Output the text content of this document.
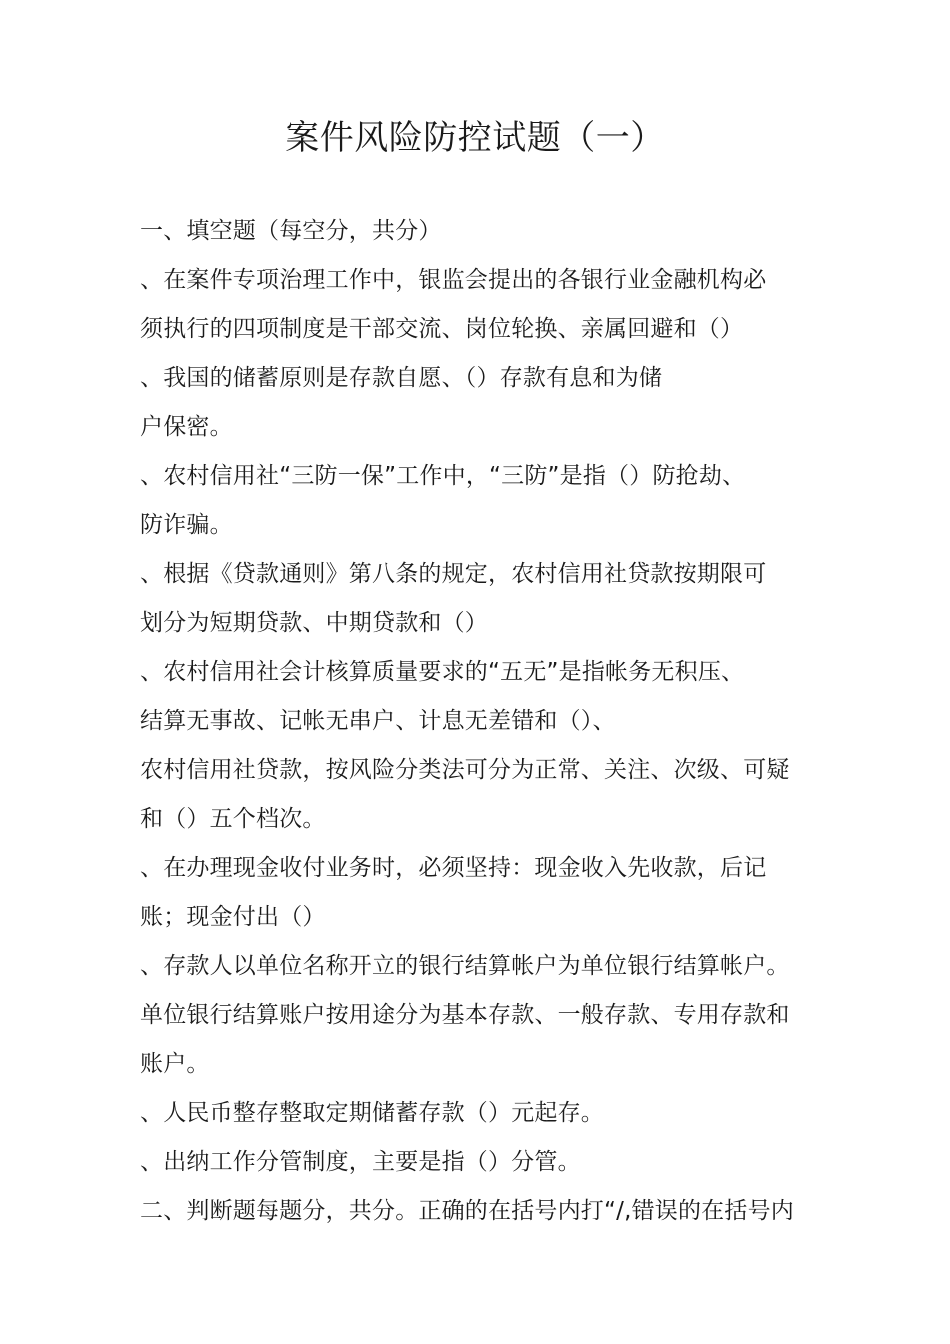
案件风险防控试题（一）
一、填空题（每空分，共分）
、在案件专项治理工作中，银监会提出的各银行业金融机构必
须执行的四项制度是干部交流、岗位轮换、亲属回避和（）
、我国的储蓄原则是存款自愿、（）存款有息和为储
户保密。
、农村信用社“三防一保”工作中，“三防”是指（）防抢劫、
防诈骗。
、根据《贷款通则》第八条的规定，农村信用社贷款按期限可
划分为短期贷款、中期贷款和（）
、农村信用社会计核算质量要求的“五无”是指帐务无积压、
结算无事故、记帐无串户、计息无差错和（）、
农村信用社贷款，按风险分类法可分为正常、关注、次级、可疑
和（）五个档次。
、在办理现金收付业务时，必须坚持：现金收入先收款，后记
账；现金付出（）
、存款人以单位名称开立的银行结算帐户为单位银行结算帐户。
单位银行结算账户按用途分为基本存款、一般存款、专用存款和
账户。
、人民币整存整取定期储蓄存款（）元起存。
、出纳工作分管制度，主要是指（）分管。
二、判断题每题分，共分。正确的在括号内打“/,错误的在括号内
